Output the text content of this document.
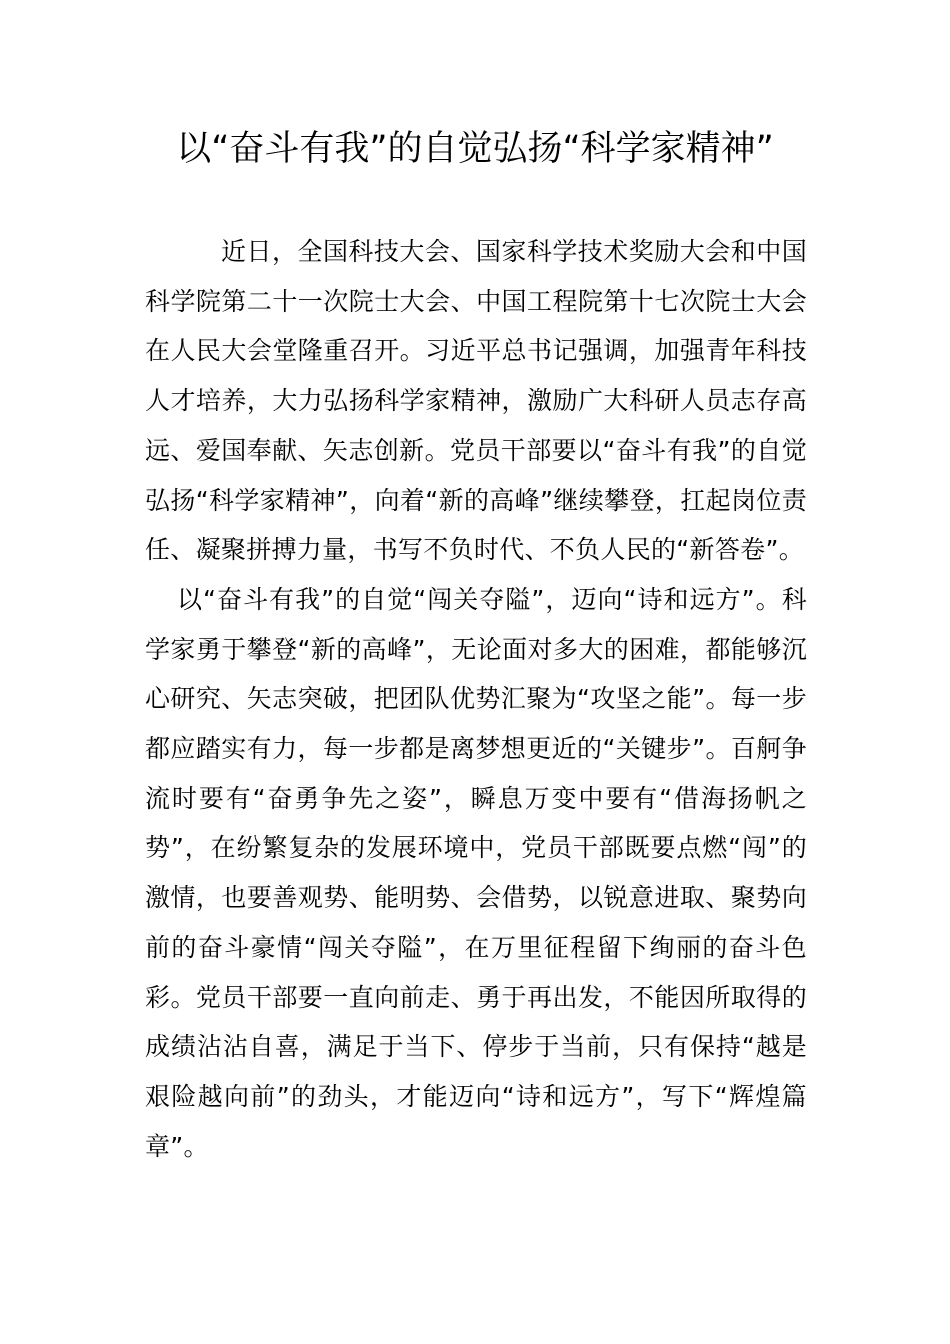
以“奋斗有我”的自觉弘扬“科学家精神”

近日，全国科技大会、国家科学技术奖励大会和中国科学院第二十一次院士大会、中国工程院第十七次院士大会在人民大会堂隆重召开。习近平总书记强调，加强青年科技人才培养，大力弘扬科学家精神，激励广大科研人员志存高远、爱国奉献、矢志创新。党员干部要以“奋斗有我”的自觉弘扬“科学家精神”，向着“新的高峰”继续攀登，扛起岗位责任、凝聚拼搏力量，书写不负时代、不负人民的“新答卷”。

以“奋斗有我”的自觉“闯关夺隘”，迈向“诗和远方”。科学家勇于攀登“新的高峰”，无论面对多大的困难，都能够沉心研究、矢志突破，把团队优势汇聚为“攻坚之能”。每一步都应踏实有力，每一步都是离梦想更近的“关键步”。百舸争流时要有“奋勇争先之姿”，瞬息万变中要有“借海扬帆之势”，在纷繁复杂的发展环境中，党员干部既要点燃“闯”的激情，也要善观势、能明势、会借势，以锐意进取、聚势向前的奋斗豪情“闯关夺隘”，在万里征程留下绚丽的奋斗色彩。党员干部要一直向前走、勇于再出发，不能因所取得的成绩沾沾自喜，满足于当下、停步于当前，只有保持“越是艰险越向前”的劲头，才能迈向“诗和远方”，写下“辉煌篇章”。
